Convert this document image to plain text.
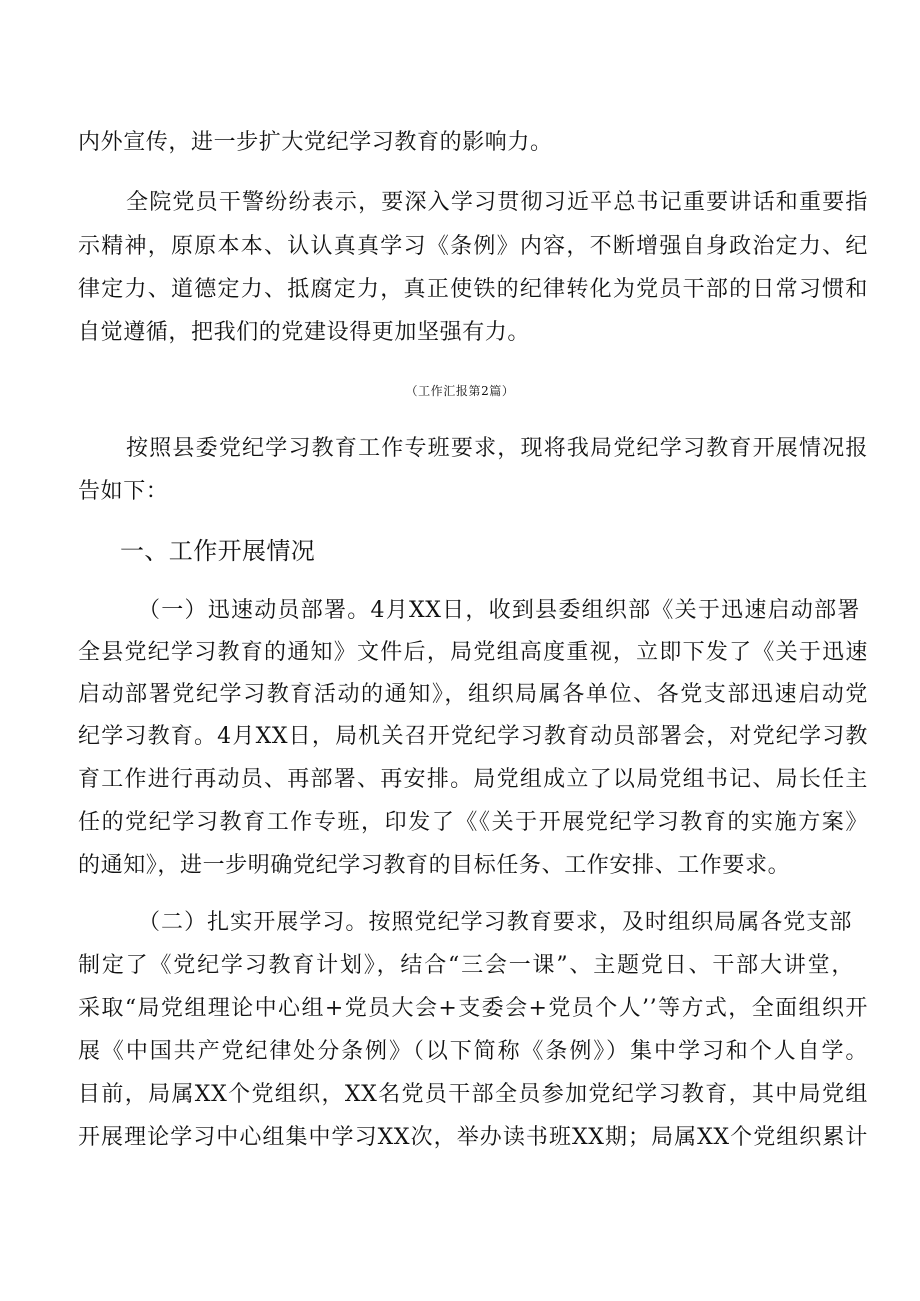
内外宣传，进一步扩大党纪学习教育的影响力。
全院党员干警纷纷表示，要深入学习贯彻习近平总书记重要讲话和重要指
示精神，原原本本、认认真真学习《条例》内容，不断增强自身政治定力、纪
律定力、道德定力、抵腐定力，真正使铁的纪律转化为党员干部的日常习惯和
自觉遵循，把我们的党建设得更加坚强有力。
（工作汇报第2篇）
按照县委党纪学习教育工作专班要求，现将我局党纪学习教育开展情况报
告如下：
一、工作开展情况
（一）迅速动员部署。4月XX日，收到县委组织部《关于迅速启动部署
全县党纪学习教育的通知》文件后，局党组高度重视，立即下发了《关于迅速
启动部署党纪学习教育活动的通知》，组织局属各单位、各党支部迅速启动党
纪学习教育。4月XX日，局机关召开党纪学习教育动员部署会，对党纪学习教
育工作进行再动员、再部署、再安排。局党组成立了以局党组书记、局长任主
任的党纪学习教育工作专班，印发了《《关于开展党纪学习教育的实施方案》
的通知》，进一步明确党纪学习教育的目标任务、工作安排、工作要求。
（二）扎实开展学习。按照党纪学习教育要求，及时组织局属各党支部
制定了《党纪学习教育计划》，结合“三会一课”、主题党日、干部大讲堂，
采取“局党组理论中心组+党员大会+支委会+党员个人’’等方式，全面组织开
展《中国共产党纪律处分条例》（以下简称《条例》）集中学习和个人自学。
目前，局属XX个党组织，XX名党员干部全员参加党纪学习教育，其中局党组
开展理论学习中心组集中学习XX次，举办读书班XX期；局属XX个党组织累计
